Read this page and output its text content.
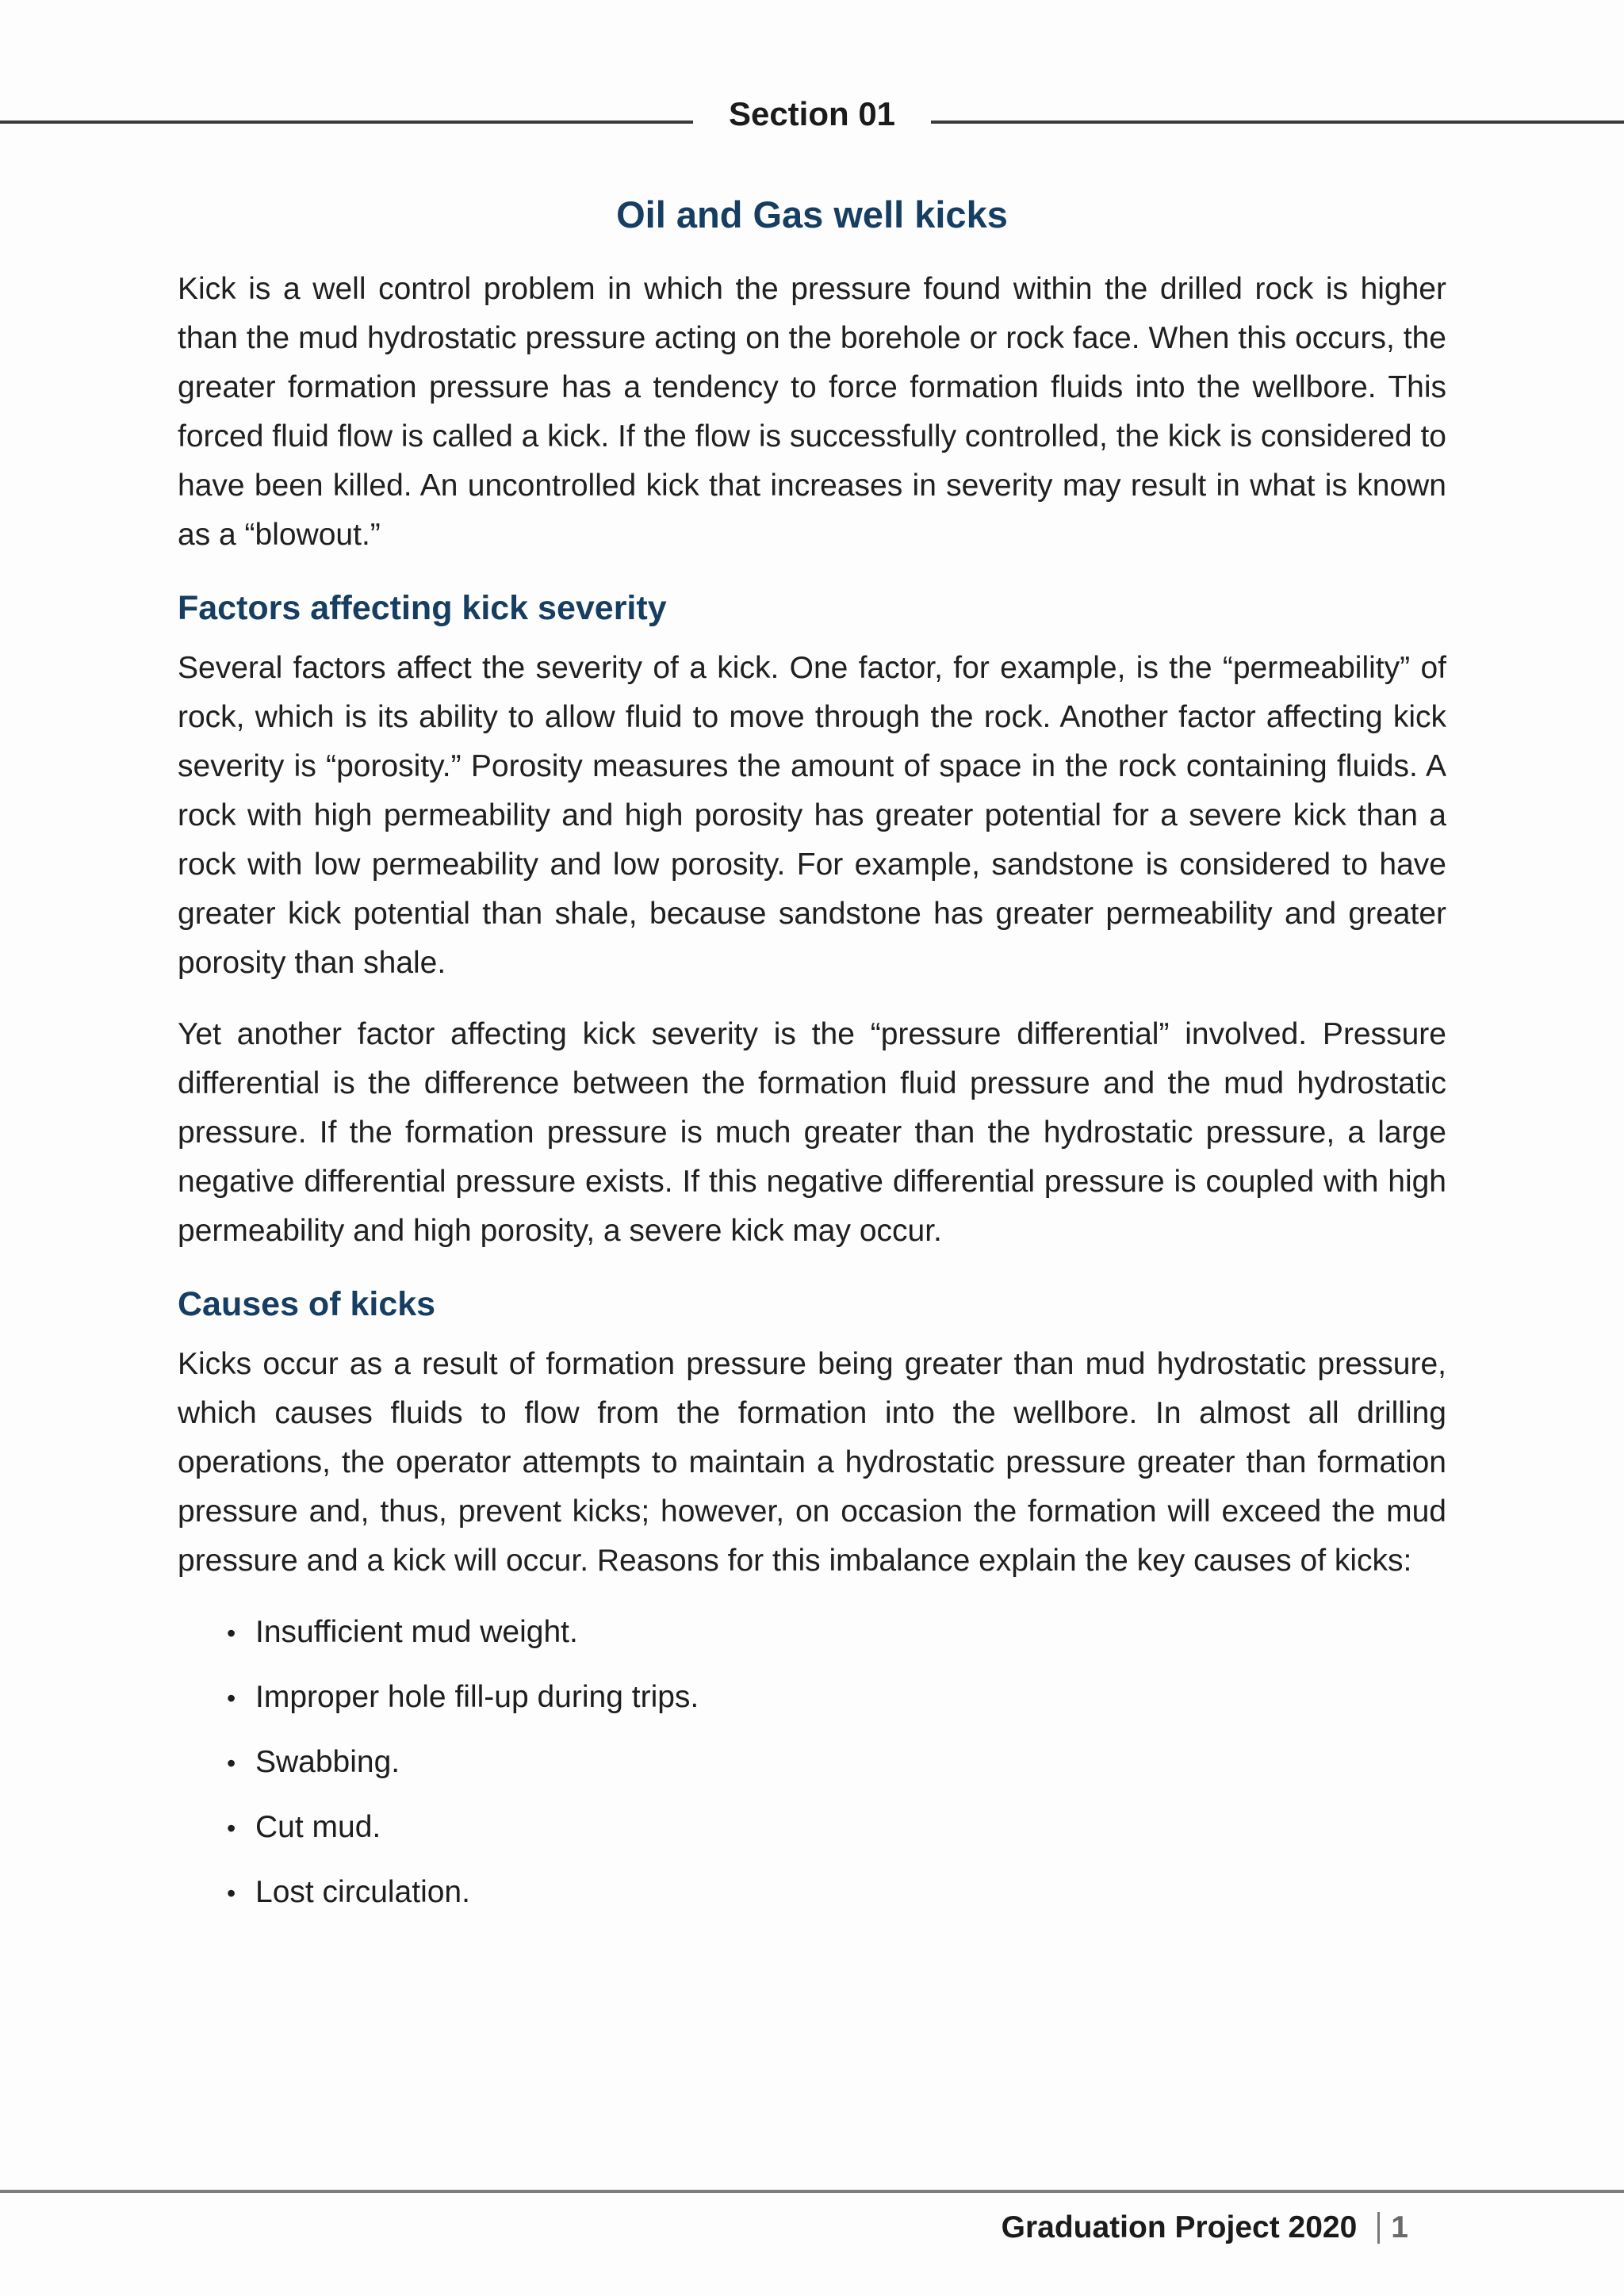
Section 01
Oil and Gas well kicks

Kick is a well control problem in which the pressure found within the drilled rock is higher than the mud hydrostatic pressure acting on the borehole or rock face. When this occurs, the greater formation pressure has a tendency to force formation fluids into the wellbore. This forced fluid flow is called a kick. If the flow is successfully controlled, the kick is considered to have been killed. An uncontrolled kick that increases in severity may result in what is known as a “blowout.”

Factors affecting kick severity

Several factors affect the severity of a kick. One factor, for example, is the “permeability” of rock, which is its ability to allow fluid to move through the rock. Another factor affecting kick severity is “porosity.” Porosity measures the amount of space in the rock containing fluids. A rock with high permeability and high porosity has greater potential for a severe kick than a rock with low permeability and low porosity. For example, sandstone is considered to have greater kick potential than shale, because sandstone has greater permeability and greater porosity than shale.

Yet another factor affecting kick severity is the “pressure differential” involved. Pressure differential is the difference between the formation fluid pressure and the mud hydrostatic pressure. If the formation pressure is much greater than the hydrostatic pressure, a large negative differential pressure exists. If this negative differential pressure is coupled with high permeability and high porosity, a severe kick may occur.

Causes of kicks

Kicks occur as a result of formation pressure being greater than mud hydrostatic pressure, which causes fluids to flow from the formation into the wellbore. In almost all drilling operations, the operator attempts to maintain a hydrostatic pressure greater than formation pressure and, thus, prevent kicks; however, on occasion the formation will exceed the mud pressure and a kick will occur. Reasons for this imbalance explain the key causes of kicks:

• Insufficient mud weight.
• Improper hole fill-up during trips.
• Swabbing.
• Cut mud.
• Lost circulation.
Graduation Project 2020 1
